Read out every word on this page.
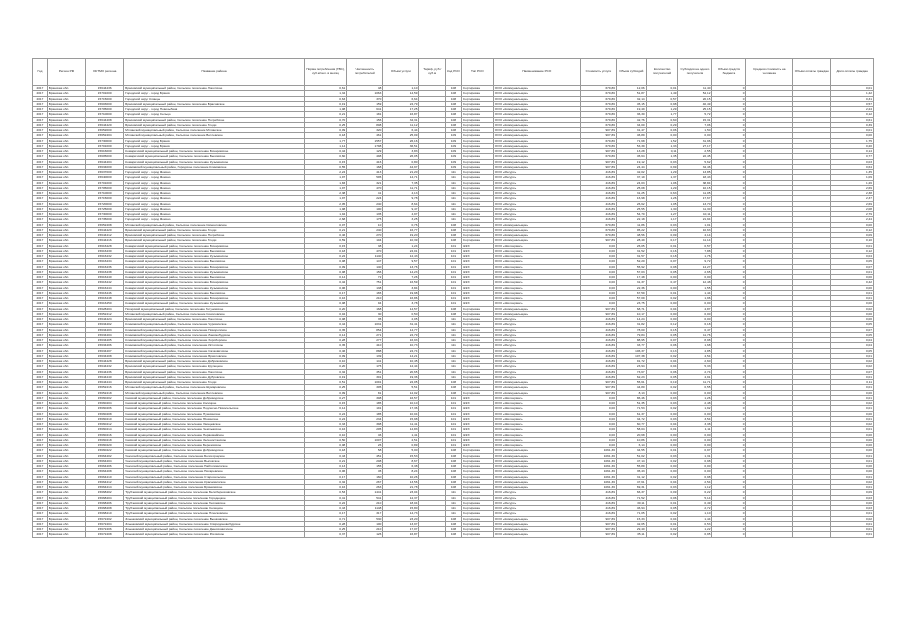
Год	Регион РФ	ОКТМО региона	Название района	Норма потребления (ГВС), куб.м/чел. в месяц	Численность потребителей	Объём услуги	Тариф, руб./куб.м	Код РСО	Тип РСО	Наименование РСО	Стоимость услуги	Объём субсидий	Количество получателей	Субсидия на одного получателя	Объём средств бюджета	Средняя стоимость на человека	Объём оплаты граждан	Доля оплаты граждан
2017	Брянская обл.	15644436	Брасовский муниципальный район, Сельское поселение Локотское	0,61	48	1,10		108	Сортировка	ООО «Коммунальщик»	679,86	12,06	0,01	11,40	0			0,01
2017	Брянская обл.	15701000	Городской округ - город Брянск	1,34	1063	14,59		108	Сортировка	ООО «Коммунальщик»	679,86	51,87	1,49	54,12	0			1,42
2017	Брянская обл.	15715000	Городской округ Клинцы	0,63	370	6,64		108	Сортировка	ООО «Коммунальщик»	679,86	32,14	0,57	20,15	0			0,31
2017	Брянская обл.	15603000	Брасовский муниципальный район, Сельское поселение Брасовское	0,19	159	24,79		108	Сортировка	ООО «Коммунальщик»	679,86	45,15	0,98	40,49	0			0,57
2017	Брянская обл.	15705000	Городской округ - город Новозыбков	1,08	641	17,25		108	Сортировка	ООО «Коммунальщик»	679,86	19,49	1,29	25,15	0			2,24
2017	Брянская обл.	15710000	Городской округ - город Сельцо	0,21	181	16,87		108	Сортировка	ООО «Коммунальщик»	679,86	36,30	1,77	5,72	0			0,12
2017	Брянская обл.	15644408	Брасовский муниципальный район, Сельское поселение Погребское	0,70	156	34,31		108	Сортировка	ООО «Коммунальщик»	679,86	42,76	0,60	15,31	0			0,61
2017	Брянская обл.	15644420	Брасовский муниципальный район, Сельское поселение Глоди	0,25	808	11,12		108	Сортировка	ООО «Коммунальщик»	679,86	34,00	0,29	7,06	0			0,39
2017	Брянская обл.	15652000	Мглинский муниципальный район, Сельское поселение Мглинское	0,09	320	6,44		108	Сортировка	ООО «Коммунальщик»	907,89	31,47	0,06	1,50	0			0,01
2017	Брянская обл.	15652404	Мглинский муниципальный район, Сельское поселение Ветлевское	0,18	461	25,09		109	Сортировка	ООО «Коммунальщик»	907,89	46,89	0,00	0,00	0			0,00
2017	Брянская обл.	15730000	Городской округ - город Брянск	1,77	1557	26,16		109	Сортировка	ООО «Коммунальщик»	679,86	71,68	1,52	31,96	0			1,75
2017	Брянская обл.	15701000	Городской округ - город Брянск	1,14	1798	36,51		109	Сортировка	ООО «Коммунальщик»	679,86	53,39	1,33	27,17	0			0,20
2017	Брянская обл.	15616000	Комаричский муниципальный район, Сельское поселение Бочаровское	0,44	129	3,83		109	Сортировка	ООО «Коммунальщик»	907,89	13,28	0,11	2,55	0			0,14
2017	Брянская обл.	15605000	Комаричский муниципальный район, Сельское поселение Быховское	0,60	498	26,05		109	Сортировка	ООО «Коммунальщик»	679,86	45,64	1,35	22,45	0			0,77
2017	Брянская обл.	15644404	Комаричский муниципальный район, Сельское поселение Кузьминское	0,15	416	0,80		109	Сортировка	ООО «Коммунальщик»	907,89	19,12	0,03	5,62	0			0,03
2017	Брянская обл.	15634000	Климовский муниципальный район, Городское поселение Климовское	0,55	168	44,97		109	Сортировка	ООО «Коммунальщик»	907,89	24,44	0,99	34,46	0			0,64
2017	Брянская обл.	15637000	Городской округ - город Фокино	2,24	413	21,20		111	Сортировка	ООО «Ресурс»	416,89	42,02	1,29	13,85	0			1,35
2017	Брянская обл.	15640000	Городской округ - город Фокино	1,97	595	14,71		111	Сортировка	ООО «Ресурс»	416,89	37,19	1,37	18,43	0			1,09
2017	Брянская обл.	15701000	Городской округ - город Фокино	1,83	321	7,35		111	Сортировка	ООО «Ресурс»	416,89	24,03	1,06	38,84	0			1,26
2017	Брянская обл.	15705000	Городской округ - город Фокино	1,97	470	11,71		111	Сортировка	ООО «Ресурс»	416,89	25,08	1,29	10,15	0			2,69
2017	Брянская обл.	15710000	Городской округ - город Фокино	2,38	41	4,13		111	Сортировка	ООО «Ресурс»	416,89	31,25	0,63	11,05	0			2,38
2017	Брянская обл.	15715000	Городской округ - город Фокино	1,97	224	9,78		111	Сортировка	ООО «Ресурс»	416,89	16,98	1,26	17,67	0			2,37
2017	Брянская обл.	15720000	Городской округ - город Фокино	2,05	240	8,64		111	Сортировка	ООО «Ресурс»	416,89	26,62	1,05	13,70	0			2,69
2017	Брянская обл.	15725000	Городской округ - город Фокино	1,98	100	9,47		111	Сортировка	ООО «Ресурс»	416,89	25,55	1,30	11,30	0			2,08
2017	Брянская обл.	15730000	Городской округ - город Фокино	1,94	135	4,97		111	Сортировка	ООО «Ресурс»	416,89	54,70	1,27	10,11	0			2,79
2017	Брянская обл.	15735000	Городской округ - город Фокино	2,68	175	3,25		111	Сортировка	ООО «Ресурс»	416,89	22,18	1,17	21,94	0			2,44
2017	Брянская обл.	15652408	Мглинский муниципальный район, Сельское поселение Симонтовское	0,07	10	0,76		108	Сортировка	ООО «Коммунальщик»	679,86	11,86	0,03	1,01	0			0,00
2017	Брянская обл.	15644420	Брасовский муниципальный район, Сельское поселение Глоди	0,21	240	16,77		108	Сортировка	ООО «Коммунальщик»	679,86	95,22	0,09	10,63	0			0,12
2017	Брянская обл.	15644412	Брасовский муниципальный район, Сельское поселение Погребское	0,46	270	19,20		108	Сортировка	ООО «Коммунальщик»	679,86	48,56	0,09	4,14	0			0,09
2017	Брянская обл.	15644416	Брасовский муниципальный район, Сельское поселение Глоди	0,59	104	10,39		108	Сортировка	ООО «Коммунальщик»	907,89	28,49	0,17	11,14	0			0,10
2017	Брянская обл.	15616428	Комаричский муниципальный район, Сельское поселение Бочаровское	0,15	38	1,24		101	ЖКХ	ООО «Жилсервис»	0,00	26,05	0,01	0,57	0			0,01
2017	Брянская обл.	15616430	Комаричский муниципальный район, Сельское поселение Быховское	0,18	470	24,01		101	ЖКХ	ООО «Жилсервис»	0,00	31,52	0,16	7,88	0			0,12
2017	Брянская обл.	15616432	Комаричский муниципальный район, Сельское поселение Кузьминское	0,22	1140	12,43		101	ЖКХ	ООО «Жилсервис»	0,00	31,57	0,18	1,76	0			0,04
2017	Брянская обл.	15616434	Комаричский муниципальный район, Сельское поселение Быховское	0,08	147	9,57		101	ЖКХ	ООО «Жилсервис»	0,00	52,20	0,07	9,72	0			0,05
2017	Брянская обл.	15616436	Комаричский муниципальный район, Сельское поселение Бочаровское	0,09	140	13,76		101	ЖКХ	ООО «Жилсервис»	0,00	55,92	0,08	14,27	0			0,07
2017	Брянская обл.	15616438	Комаричский муниципальный район, Сельское поселение Кузьминское	0,08	156	14,23		101	ЖКХ	ООО «Жилсервис»	0,00	57,03	0,05	2,65	0			0,01
2017	Брянская обл.	15616440	Комаричский муниципальный район, Сельское поселение Быховское	0,14	72	7,26		101	ЖКХ	ООО «Жилсервис»	0,00	17,48	0,00	0,00	0			0,00
2017	Брянская обл.	15616442	Комаричский муниципальный район, Сельское поселение Бочаровское	0,42	751	16,59		101	ЖКХ	ООО «Жилсервис»	0,00	31,37	0,47	12,48	0			0,42
2017	Брянская обл.	15616444	Комаричский муниципальный район, Сельское поселение Кузьминское	0,06	138	3,84		101	ЖКХ	ООО «Жилсервис»	0,00	22,36	0,00	1,55	0			0,00
2017	Брянская обл.	15616446	Комаричский муниципальный район, Сельское поселение Быховское	0,17	165	19,98		101	ЖКХ	ООО «Жилсервис»	0,00	67,59	0,01	1,44	0			0,01
2017	Брянская обл.	15616448	Комаричский муниципальный район, Сельское поселение Бочаровское	0,16	210	16,86		101	ЖКХ	ООО «Жилсервис»	0,00	57,09	0,02	1,96	0			0,01
2017	Брянская обл.	15616450	Комаричский муниципальный район, Сельское поселение Кузьминское	0,08	94	3,78		101	ЖКХ	ООО «Жилсервис»	0,00	23,75	0,00	0,00	0			0,00
2017	Брянская обл.	15628404	Погарский муниципальный район, Сельское поселение Гетуновское	0,20	168	14,57		108	Сортировка	ООО «Коммунальщик»	907,89	68,71	0,04	4,87	0			0,02
2017	Брянская обл.	15652412	Мглинский муниципальный район, Сельское поселение Соколовское	0,04	30	0,50		108	Сортировка	ООО «Коммунальщик»	907,89	10,17	0,00	0,00	0			0,00
2017	Брянская обл.	15644424	Брасовский муниципальный район, Сельское поселение Локотское	0,08	35	2,05		111	Сортировка	ООО «Ресурс»	416,89	14,24	0,00	0,00	0			0,00
2017	Брянская обл.	15634402	Климовский муниципальный район, Сельское поселение Чуровичское	0,44	1031	31,41		111	Сортировка	ООО «Ресурс»	416,89	31,82	0,12	6,18	0			0,05
2017	Брянская обл.	15634403	Климовский муниципальный район, Сельское поселение Новоропское	0,35	854	14,77		111	Сортировка	ООО «Ресурс»	416,89	78,00	0,15	6,47	0			0,07
2017	Брянская обл.	15634404	Климовский муниципальный район, Сельское поселение Лакомобудское	0,14	271	24,79		111	Сортировка	ООО «Ресурс»	416,89	79,84	0,05	11,76	0			0,05
2017	Брянская обл.	15634405	Климовский муниципальный район, Сельское поселение Хороборское	0,28	277	16,93		111	Сортировка	ООО «Ресурс»	416,89	88,95	0,07	8,98	0			0,04
2017	Брянская обл.	15634406	Климовский муниципальный район, Сельское поселение Истопское	0,35	410	10,73		111	Сортировка	ООО «Ресурс»	416,89	33,77	0,06	1,68	0			0,04
2017	Брянская обл.	15634407	Климовский муниципальный район, Сельское поселение Сачковичское	0,46	888	24,74		111	Сортировка	ООО «Ресурс»	416,89	106,37	0,13	4,85	0			0,05
2017	Брянская обл.	15634408	Климовский муниципальный район, Сельское поселение Брахловское	0,09	139	14,21		111	Сортировка	ООО «Ресурс»	416,89	107,38	0,02	4,54	0			0,01
2017	Брянская обл.	15644428	Брасовский муниципальный район, Сельское поселение Добриковское	0,10	141	10,45		111	Сортировка	ООО «Ресурс»	416,89	91,72	0,04	2,60	0			0,02
2017	Брянская обл.	15644432	Брасовский муниципальный район, Сельское поселение Крупецкое	0,20	175	12,44		111	Сортировка	ООО «Ресурс»	416,89	23,94	0,04	5,33	0			0,02
2017	Брянская обл.	15644436	Брасовский муниципальный район, Сельское поселение Локотское	0,32	351	20,65		111	Сортировка	ООО «Ресурс»	416,89	73,67	0,06	2,74	0			0,07
2017	Брянская обл.	15644440	Брасовский муниципальный район, Сельское поселение Дубровское	0,19	301	19,36		111	Сортировка	ООО «Ресурс»	416,89	62,23	0,05	4,91	0			0,01
2017	Брянская обл.	15644444	Брасовский муниципальный район, Сельское поселение Глоди	0,51	1091	22,05		108	Сортировка	ООО «Коммунальщик»	907,89	55,61	0,19	11,71	0			0,11
2017	Брянская обл.	15652416	Мглинский муниципальный район, Сельское поселение Шумаровское	0,25	305	5,51		108	Сортировка	ООО «Коммунальщик»	907,89	44,80	0,02	0,55	0			0,01
2017	Брянская обл.	15652418	Мглинский муниципальный район, Сельское поселение Ветлевское	0,09	81	12,02		108	Сортировка	ООО «Коммунальщик»	907,89	8,13	0,00	0,00	0			0,00
2017	Брянская обл.	15660402	Севский муниципальный район, Сельское поселение Доброводское	0,27	308	16,57		101	ЖКХ	ООО «Жилсервис»	0,00	86,46	0,03	1,26	0			0,01
2017	Брянская обл.	15660404	Севский муниципальный район, Сельское поселение Косицкое	0,15	185	10,10		101	ЖКХ	ООО «Жилсервис»	0,00	51,35	0,03	2,48	0			0,02
2017	Брянская обл.	15660406	Севский муниципальный район, Сельское поселение Подлесно-Новосельское	0,14	191	17,36		101	ЖКХ	ООО «Жилсервис»	0,00	71,53	0,02	1,92	0			0,01
2017	Брянская обл.	15660408	Севский муниципальный район, Сельское поселение Пушкинское	0,24	185	10,04		101	ЖКХ	ООО «Жилсервис»	0,00	61,37	0,00	0,00	0			0,00
2017	Брянская обл.	15660410	Севский муниципальный район, Сельское поселение Юшинское	0,24	234	15,98		101	ЖКХ	ООО «Жилсервис»	0,00	34,72	0,03	3,54	0			0,01
2017	Брянская обл.	15660412	Севский муниципальный район, Сельское поселение Хвощевское	0,33	398	11,41		101	ЖКХ	ООО «Жилсервис»	0,00	60,77	0,04	3,38	0			0,02
2017	Брянская обл.	15660414	Севский муниципальный район, Сельское поселение Чемлыжское	0,16	205	14,83		101	ЖКХ	ООО «Жилсервис»	0,00	58,04	0,01	1,11	0			0,01
2017	Брянская обл.	15660416	Севский муниципальный район, Сельское поселение Первомайское	0,10	46	1,41		101	ЖКХ	ООО «Жилсервис»	0,00	20,68	0,00	0,00	0			0,00
2017	Брянская обл.	15660418	Севский муниципальный район, Сельское поселение Зеленостанское	0,50	1007	2,51		101	ЖКХ	ООО «Жилсервис»	0,00	10,86	0,00	0,00	0			0,00
2017	Брянская обл.	15660420	Севский муниципальный район, Сельское поселение Березовское	0,08	26	0,89		101	ЖКХ	ООО «Жилсервис»	0,00	6,14	0,00	0,00	0			0,00
2017	Брянская обл.	15660422	Севский муниципальный район, Сельское поселение Доброводское	0,18	58	5,00		108	Сортировка	ООО «Коммунальщик»	1061,36	34,55	0,01	0,97	0			0,00
2017	Брянская обл.	15664402	Унечский муниципальный район, Сельское поселение Белогорщское	0,43	451	15,53		108	Сортировка	ООО «Коммунальщик»	1061,36	51,02	0,03	1,31	0			0,01
2017	Брянская обл.	15664404	Унечский муниципальный район, Сельское поселение Высокское	0,21	208	8,67		108	Сортировка	ООО «Коммунальщик»	1061,36	47,14	0,02	0,98	0			0,01
2017	Брянская обл.	15664406	Унечский муниципальный район, Сельское поселение Найтоповичское	0,13	155	6,38		108	Сортировка	ООО «Коммунальщик»	1061,36	55,89	0,00	0,00	0			0,00
2017	Брянская обл.	15664408	Унечский муниципальный район, Сельское поселение Писаревское	0,06	45	8,24		108	Сортировка	ООО «Коммунальщик»	1061,36	35,43	0,00	0,00	0			0,00
2017	Брянская обл.	15664410	Унечский муниципальный район, Сельское поселение Старосельское	0,17	160	10,26		108	Сортировка	ООО «Коммунальщик»	1061,36	31,12	0,02	0,98	0			0,01
2017	Брянская обл.	15664412	Унечский муниципальный район, Сельское поселение Красновичское	0,32	267	13,56		108	Сортировка	ООО «Коммунальщик»	1061,36	47,61	0,04	2,54	0			0,02
2017	Брянская обл.	15664414	Унечский муниципальный район, Сельское поселение Брянковское	0,16	263	21,78		108	Сортировка	ООО «Коммунальщик»	1061,36	69,31	0,03	1,12	0			0,01
2017	Брянская обл.	15668402	Трубчевский муниципальный район, Сельское поселение Белоберезковское	0,53	1441	23,04		111	Сортировка	ООО «Ресурс»	416,89	66,37	0,09	6,22	0			0,09
2017	Брянская обл.	15668404	Трубчевский муниципальный район, Сельское поселение Городецкое	0,41	541	12,37		111	Сортировка	ООО «Ресурс»	416,89	71,52	0,06	5,14	0			0,03
2017	Брянская обл.	15668406	Трубчевский муниципальный район, Сельское поселение Гнилевское	0,22	210	18,04		111	Сортировка	ООО «Ресурс»	416,89	30,11	0,01	0,49	0			0,00
2017	Брянская обл.	15668408	Трубчевский муниципальный район, Сельское поселение Селецкое	0,43	1148	15,80		111	Сортировка	ООО «Ресурс»	416,89	46,94	0,05	2,72	0			0,03
2017	Брянская обл.	15668410	Трубчевский муниципальный район, Сельское поселение Плюсковское	0,17	317	14,73		111	Сортировка	ООО «Ресурс»	416,89	71,05	0,02	1,10	0			0,01
2017	Брянская обл.	15672402	Злынковский муниципальный район, Сельское поселение Вышковское	0,71	530	23,20		108	Сортировка	ООО «Коммунальщик»	907,89	15,33	0,04	1,44	0			0,02
2017	Брянская обл.	15672404	Злынковский муниципальный район, Сельское поселение Спиридоновобудское	0,28	100	13,97		108	Сортировка	ООО «Коммунальщик»	907,89	42,05	0,01	0,53	0			0,01
2017	Брянская обл.	15672406	Злынковский муниципальный район, Сельское поселение Денисковичское	0,25	210	17,07		108	Сортировка	ООО «Коммунальщик»	907,89	29,40	0,02	1,22	0			0,01
2017	Брянская обл.	15672408	Злынковский муниципальный район, Сельское поселение Роговское	0,37	126	16,87		108	Сортировка	ООО «Коммунальщик»	907,89	35,11	0,02	0,95	0			0,01
